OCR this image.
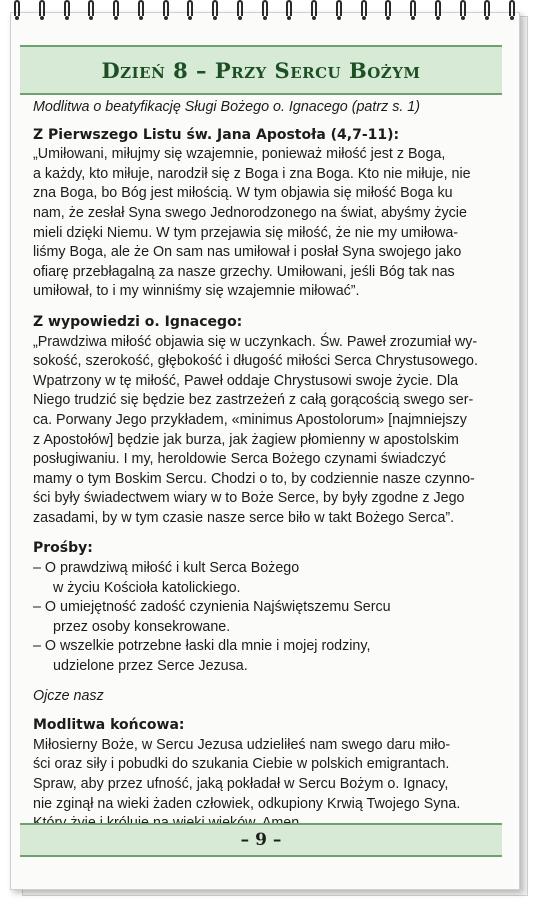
Dzień 8 – Przy Sercu Bożym

Modlitwa o beatyfikację Sługi Bożego o. Ignacego (patrz s. 1)

Z Pierwszego Listu św. Jana Apostoła (4,7-11):

„Umiłowani, miłujmy się wzajemnie, ponieważ miłość jest z Boga,
a każdy, kto miłuje, narodził się z Boga i zna Boga. Kto nie miłuje, nie
zna Boga, bo Bóg jest miłością. W tym objawia się miłość Boga ku
nam, że zesłał Syna swego Jednorodzonego na świat, abyśmy życie
mieli dzięki Niemu. W tym przejawia się miłość, że nie my umiłowa-
liśmy Boga, ale że On sam nas umiłował i posłał Syna swojego jako
ofiarę przebłagalną za nasze grzechy. Umiłowani, jeśli Bóg tak nas
umiłował, to i my winniśmy się wzajemnie miłować”.

Z wypowiedzi o. Ignacego:

„Prawdziwa miłość objawia się w uczynkach. Św. Paweł zrozumiał wy-
sokość, szerokość, głębokość i długość miłości Serca Chrystusowego.
Wpatrzony w tę miłość, Paweł oddaje Chrystusowi swoje życie. Dla
Niego trudzić się będzie bez zastrzeżeń z całą gorącością swego ser-
ca. Porwany Jego przykładem, «minimus Apostolorum» [najmniejszy
z Apostołów] będzie jak burza, jak żagiew płomienny w apostolskim
posługiwaniu. I my, heroldowie Serca Bożego czynami świadczyć
mamy o tym Boskim Sercu. Chodzi o to, by codziennie nasze czynno-
ści były świadectwem wiary w to Boże Serce, by były zgodne z Jego
zasadami, by w tym czasie nasze serce biło w takt Bożego Serca”.

Prośby:

– O prawdziwą miłość i kult Serca Bożego
w życiu Kościoła katolickiego.
– O umiejętność zadość czynienia Najświętszemu Sercu
przez osoby konsekrowane.
– O wszelkie potrzebne łaski dla mnie i mojej rodziny,
udzielone przez Serce Jezusa.

Ojcze nasz

Modlitwa końcowa:

Miłosierny Boże, w Sercu Jezusa udzieliłeś nam swego daru miło-
ści oraz siły i pobudki do szukania Ciebie w polskich emigrantach.
Spraw, aby przez ufność, jaką pokładał w Sercu Bożym o. Ignacy,
nie zginął na wieki żaden człowiek, odkupiony Krwią Twojego Syna.
– 9 –
